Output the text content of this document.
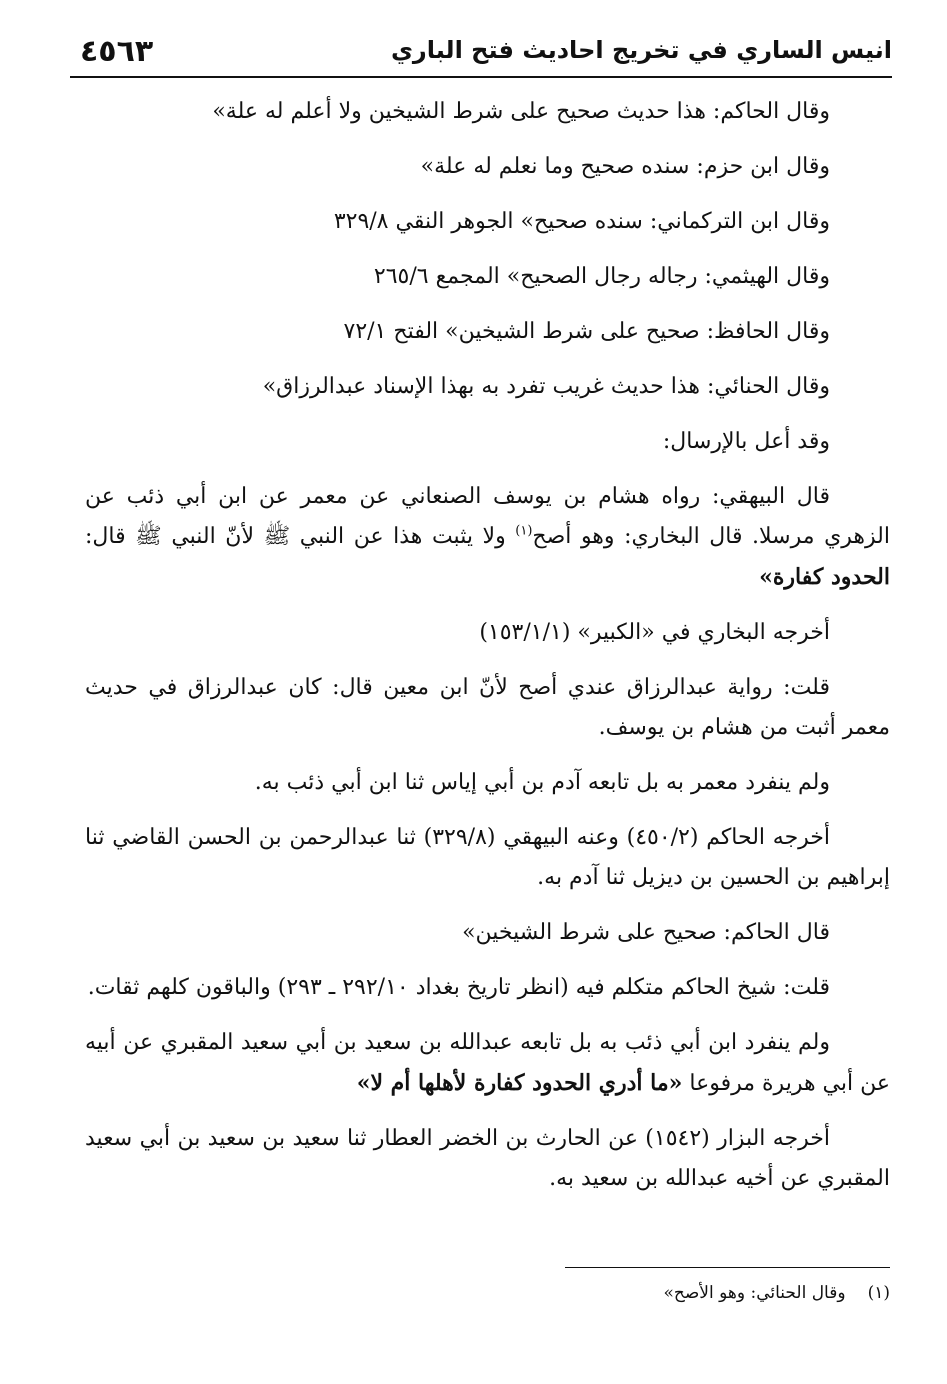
انيس الساري في تخريج احاديث فتح الباري
٤٥٦٣

وقال الحاكم: هذا حديث صحيح على شرط الشيخين ولا أعلم له علة»

وقال ابن حزم: سنده صحيح وما نعلم له علة»

وقال ابن التركماني: سنده صحيح» الجوهر النقي ٣٢٩/٨

وقال الهيثمي: رجاله رجال الصحيح» المجمع ٢٦٥/٦

وقال الحافظ: صحيح على شرط الشيخين» الفتح ٧٢/١

وقال الحنائي: هذا حديث غريب تفرد به بهذا الإسناد عبدالرزاق»

وقد أعل بالإرسال:

قال البيهقي: رواه هشام بن يوسف الصنعاني عن معمر عن ابن أبي ذئب عن الزهري مرسلا. قال البخاري: وهو أصح$^{(١)}$ ولا يثبت هذا عن النبي ﷺ لأنّ النبي ﷺ قال: الحدود كفارة»

أخرجه البخاري في «الكبير» (١٥٣/١/١)

قلت: رواية عبدالرزاق عندي أصح لأنّ ابن معين قال: كان عبدالرزاق في حديث معمر أثبت من هشام بن يوسف.

ولم ينفرد معمر به بل تابعه آدم بن أبي إياس ثنا ابن أبي ذئب به.

أخرجه الحاكم (٤٥٠/٢) وعنه البيهقي (٣٢٩/٨) ثنا عبدالرحمن بن الحسن القاضي ثنا إبراهيم بن الحسين بن ديزيل ثنا آدم به.

قال الحاكم: صحيح على شرط الشيخين»

قلت: شيخ الحاكم متكلم فيه (انظر تاريخ بغداد ٢٩٢/١٠ ـ ٢٩٣) والباقون كلهم ثقات.

ولم ينفرد ابن أبي ذئب به بل تابعه عبدالله بن سعيد بن أبي سعيد المقبري عن أبيه عن أبي هريرة مرفوعا «ما أدري الحدود كفارة لأهلها أم لا»

أخرجه البزار (١٥٤٢) عن الحارث بن الخضر العطار ثنا سعيد بن سعيد بن أبي سعيد المقبري عن أخيه عبدالله بن سعيد به.

(١)وقال الحنائي: وهو الأصح»
